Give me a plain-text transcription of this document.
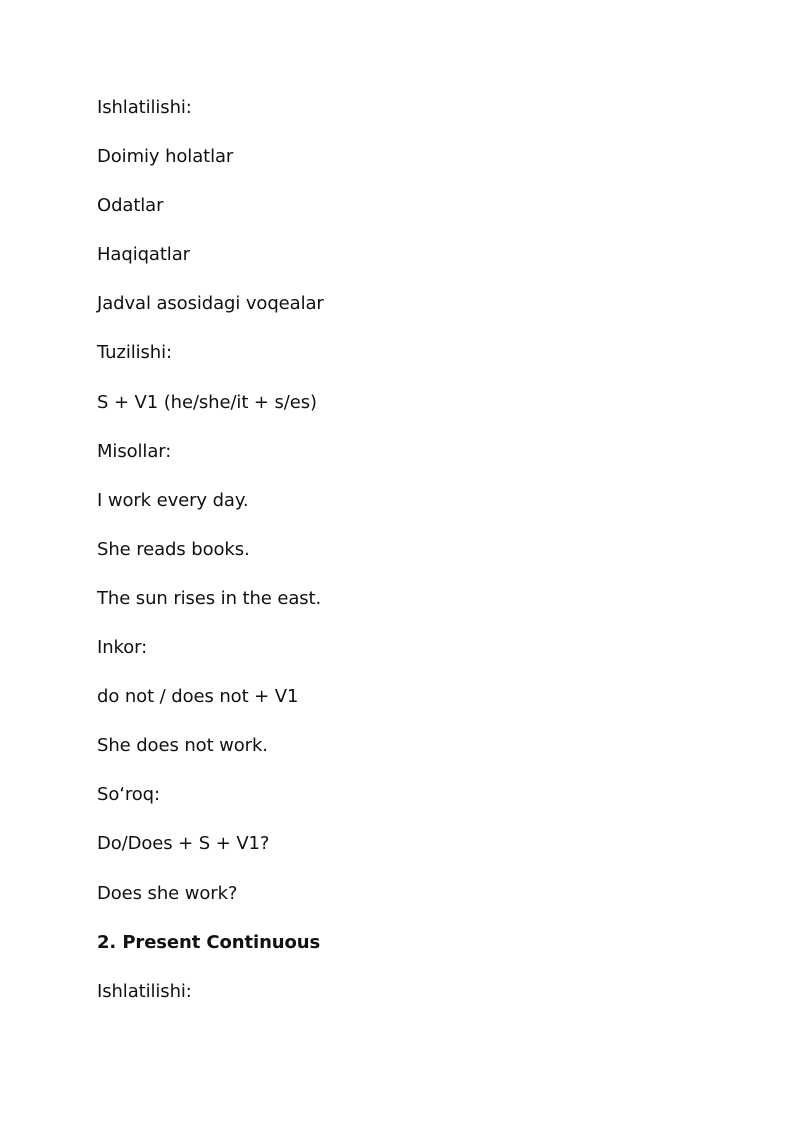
Ishlatilishi:

Doimiy holatlar

Odatlar

Haqiqatlar

Jadval asosidagi voqealar

Tuzilishi:

S + V1 (he/she/it + s/es)

Misollar:

I work every day.

She reads books.

The sun rises in the east.

Inkor:

do not / does not + V1

She does not work.

So‘roq:

Do/Does + S + V1?

Does she work?

2. Present Continuous

Ishlatilishi:
